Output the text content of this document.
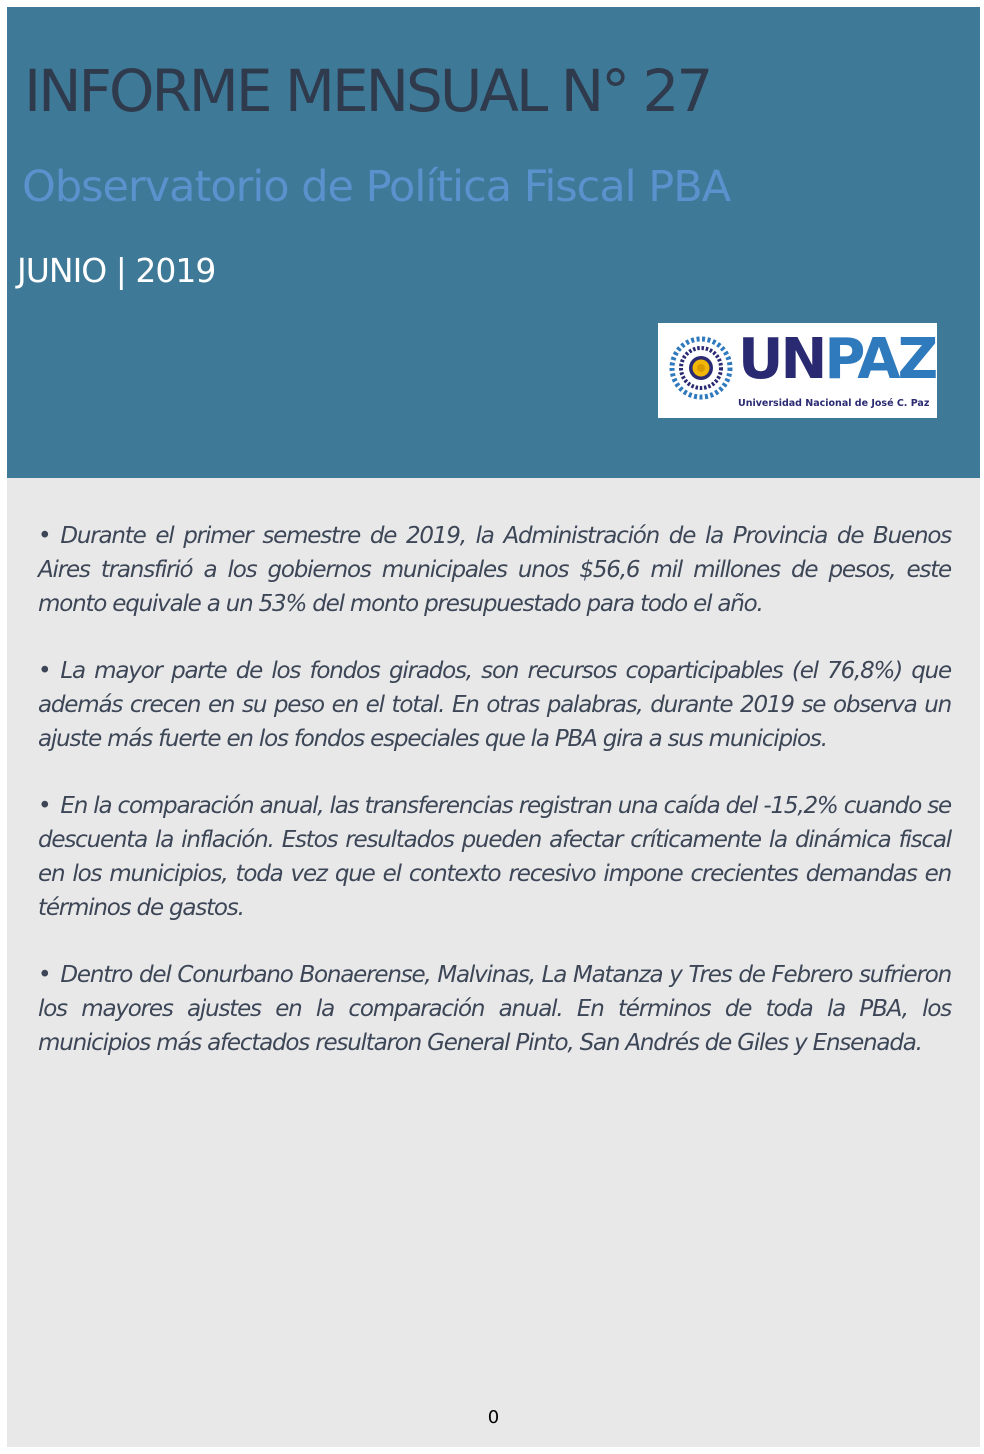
INFORME MENSUAL N° 27
Observatorio de Política Fiscal PBA
JUNIO | 2019
UNPAZ
Universidad Nacional de José C. Paz

• Durante el primer semestre de 2019, la Administración de la Provincia de Buenos Aires transfirió a los gobiernos municipales unos $56,6 mil millones de pesos, este monto equivale a un 53% del monto presupuestado para todo el año.

• La mayor parte de los fondos girados, son recursos coparticipables (el 76,8%) que además crecen en su peso en el total. En otras palabras, durante 2019 se observa un ajuste más fuerte en los fondos especiales que la PBA gira a sus municipios.

• En la comparación anual, las transferencias registran una caída del -15,2% cuando se descuenta la inflación. Estos resultados pueden afectar críticamente la dinámica fiscal en los municipios, toda vez que el contexto recesivo impone crecientes demandas en términos de gastos.

• Dentro del Conurbano Bonaerense, Malvinas, La Matanza y Tres de Febrero sufrieron los mayores ajustes en la comparación anual. En términos de toda la PBA, los municipios más afectados resultaron General Pinto, San Andrés de Giles y Ensenada.

0
